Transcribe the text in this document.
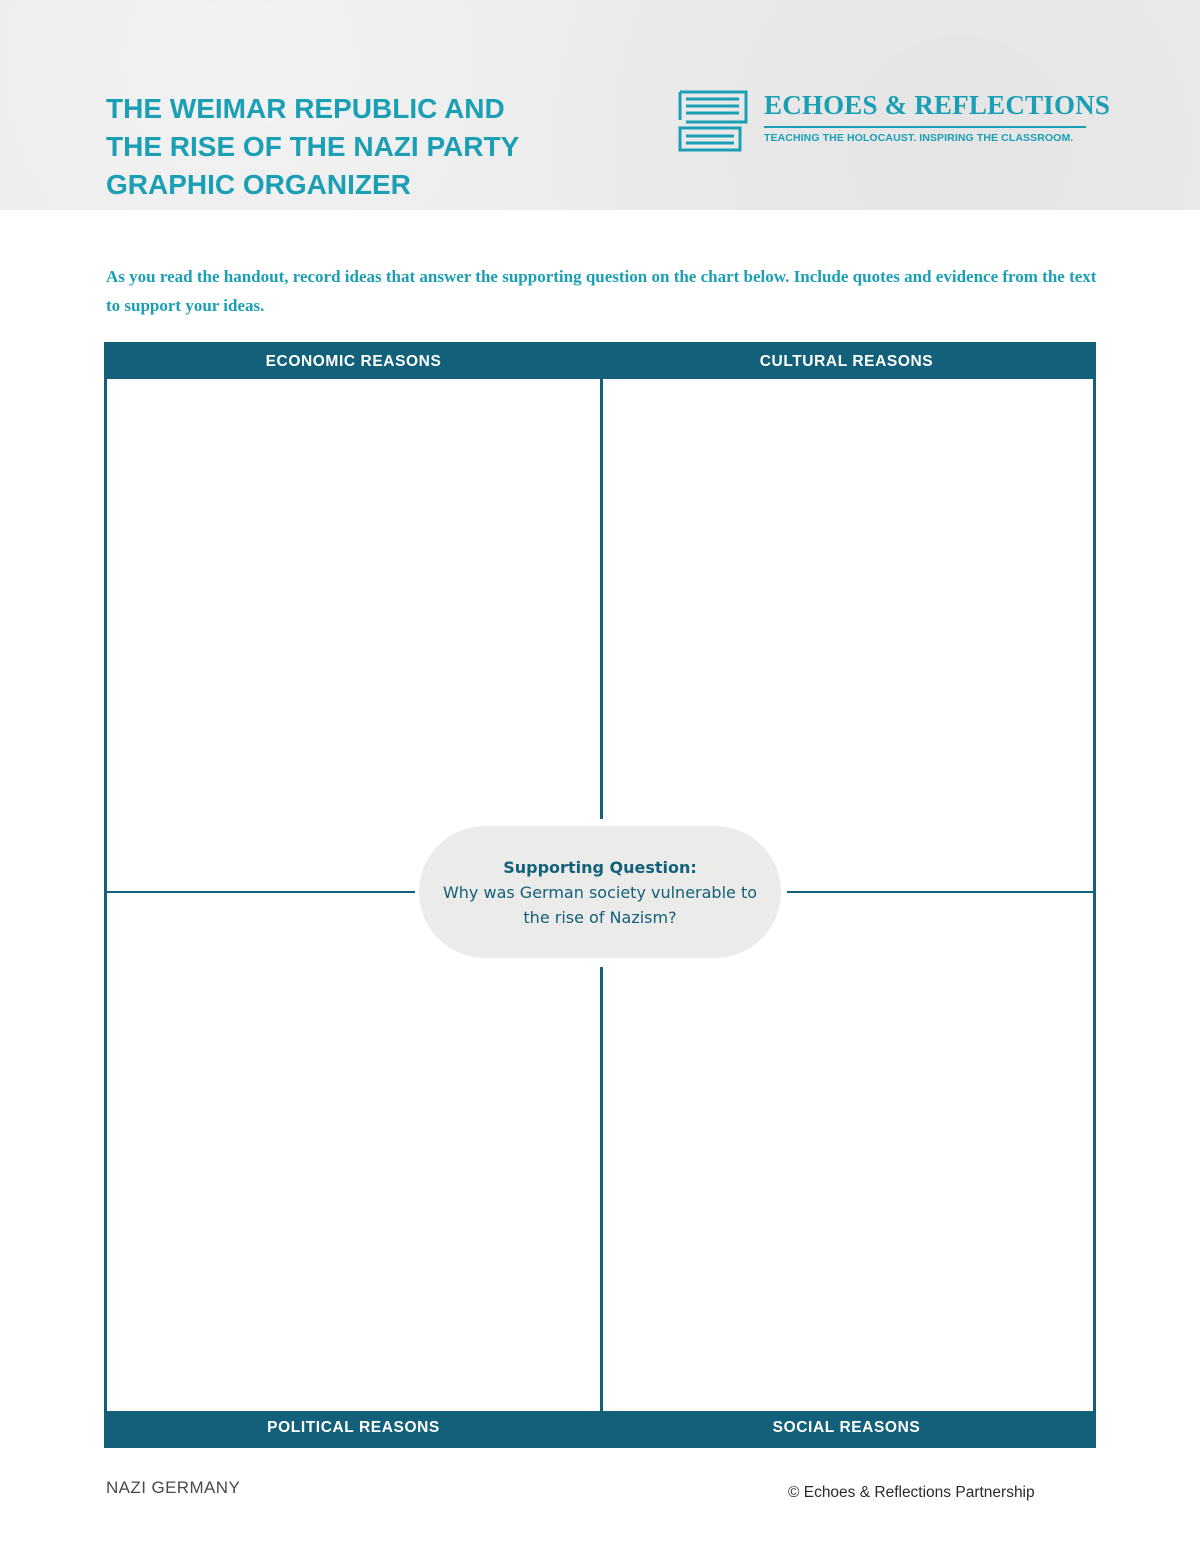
THE WEIMAR REPUBLIC AND
THE RISE OF THE NAZI PARTY
GRAPHIC ORGANIZER
ECHOES & REFLECTIONS
TEACHING THE HOLOCAUST. INSPIRING THE CLASSROOM.

As you read the handout, record ideas that answer the supporting question on the chart below. Include quotes and evidence from the text to support your ideas.

ECONOMIC REASONS	CULTURAL REASONS
Supporting Question:
Why was German society vulnerable to the rise of Nazism?
POLITICAL REASONS	SOCIAL REASONS
NAZI GERMANY	© Echoes & Reflections Partnership
